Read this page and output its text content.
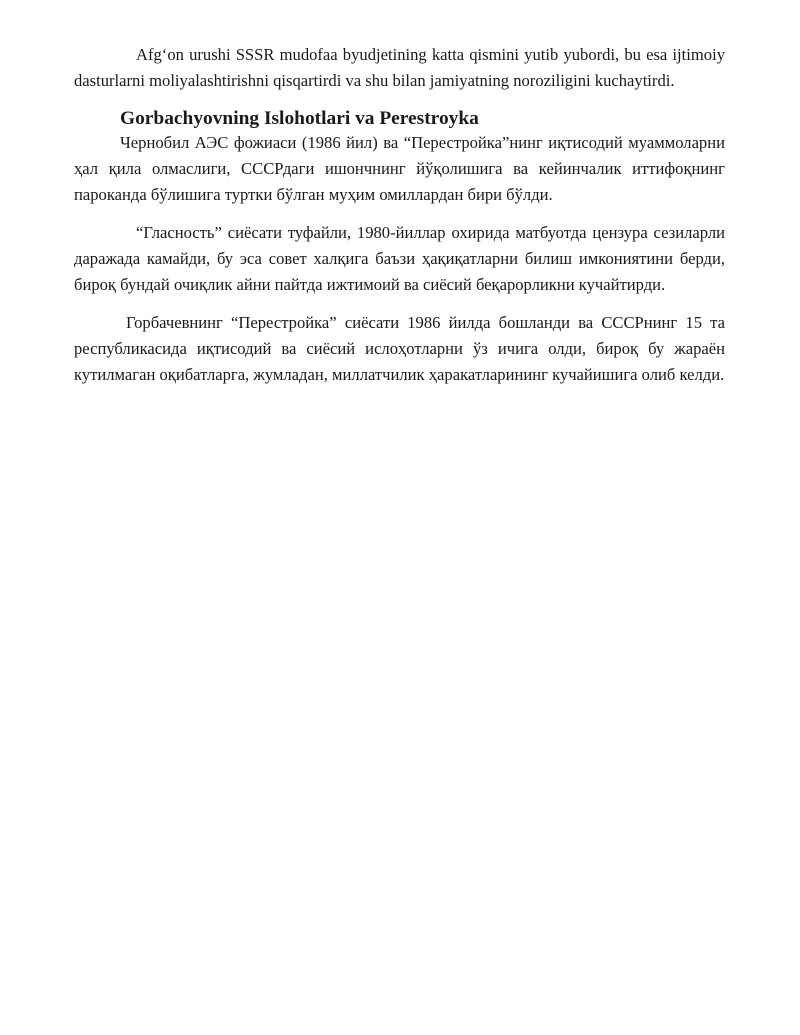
Afg‘on urushi SSSR mudofaa byudjetining katta qismini yutib yubordi, bu esa ijtimoiy dasturlarni moliyalashtirishni qisqartirdi va shu bilan jamiyatning noroziligini kuchaytirdi.

Gorbachyovning Islohotlari va Perestroyka

Чернобил АЭС фожиаси (1986 йил) ва “Перестройка”нинг иқтисодий муаммоларни ҳал қила олмаслиги, СССРдаги ишончнинг йўқолишига ва кейинчалик иттифоқнинг пароканда бўлишига туртки бўлган муҳим омиллардан бири бўлди.

“Гласность” сиёсати туфайли, 1980-йиллар охирида матбуотда цензура сезиларли даражада камайди, бу эса совет халқига баъзи ҳақиқатларни билиш имкониятини берди, бироқ бундай очиқлик айни пайтда ижтимоий ва сиёсий беқарорликни кучайтирди.

Горбачевнинг “Перестройка” сиёсати 1986 йилда бошланди ва СССРнинг 15 та республикасида иқтисодий ва сиёсий ислоҳотларни ўз ичига олди, бироқ бу жараён кутилмаган оқибатларга, жумладан, миллатчилик ҳаракатларининг кучайишига олиб келди.
